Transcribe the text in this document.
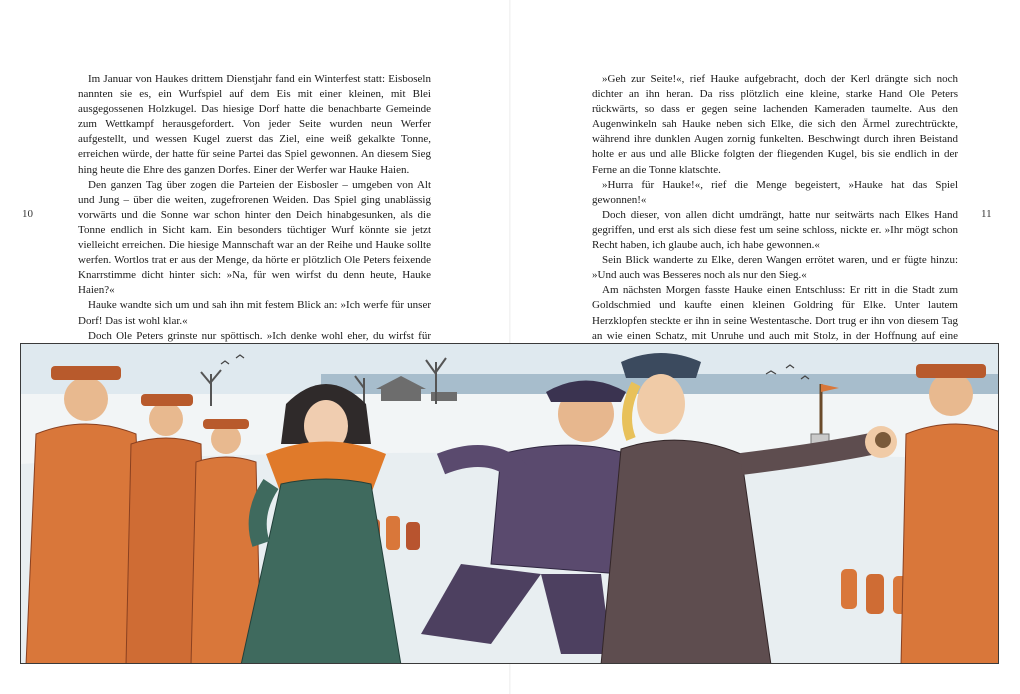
Im Januar von Haukes drittem Dienstjahr fand ein Winterfest statt: Eisboseln nannten sie es, ein Wurfspiel auf dem Eis mit einer kleinen, mit Blei ausgegossenen Holzkugel. Das hiesige Dorf hatte die benachbarte Gemeinde zum Wettkampf herausgefordert. Von jeder Seite wurden neun Werfer aufgestellt, und wessen Kugel zuerst das Ziel, eine weiß gekalkte Tonne, erreichen würde, der hatte für seine Partei das Spiel gewonnen. An diesem Sieg hing heute die Ehre des ganzen Dorfes. Einer der Werfer war Hauke Haien.

Den ganzen Tag über zogen die Parteien der Eisbosler – umgeben von Alt und Jung – über die weiten, zugefrorenen Weiden. Das Spiel ging unablässig vorwärts und die Sonne war schon hinter den Deich hinabgesunken, als die Tonne endlich in Sicht kam. Ein besonders tüchtiger Wurf könnte sie jetzt vielleicht erreichen. Die hiesige Mannschaft war an der Reihe und Hauke sollte werfen. Wortlos trat er aus der Menge, da hörte er plötzlich Ole Peters feixende Knarrstimme dicht hinter sich: »Na, für wen wirfst du denn heute, Hauke Haien?«

Hauke wandte sich um und sah ihn mit festem Blick an: »Ich werfe für unser Dorf! Das ist wohl klar.«

Doch Ole Peters grinste nur spöttisch. »Ich denke wohl eher, du wirfst für

»Geh zur Seite!«, rief Hauke aufgebracht, doch der Kerl drängte sich noch dichter an ihn heran. Da riss plötzlich eine kleine, starke Hand Ole Peters rückwärts, so dass er gegen seine lachenden Kameraden taumelte. Aus den Augenwinkeln sah Hauke neben sich Elke, die sich den Ärmel zurechtrückte, während ihre dunklen Augen zornig funkelten. Beschwingt durch ihren Beistand holte er aus und alle Blicke folgten der fliegenden Kugel, bis sie endlich in der Ferne an die Tonne klatschte.

»Hurra für Hauke!«, rief die Menge begeistert, »Hauke hat das Spiel gewonnen!«

Doch dieser, von allen dicht umdrängt, hatte nur seitwärts nach Elkes Hand gegriffen, und erst als sich diese fest um seine schloss, nickte er. »Ihr mögt schon Recht haben, ich glaube auch, ich habe gewonnen.«

Sein Blick wanderte zu Elke, deren Wangen errötet waren, und er fügte hinzu: »Und auch was Besseres noch als nur den Sieg.«

Am nächsten Morgen fasste Hauke einen Entschluss: Er ritt in die Stadt zum Goldschmied und kaufte einen kleinen Goldring für Elke. Unter lautem Herzklopfen steckte er ihn in seine Westentasche. Dort trug er ihn von diesem Tag an wie einen Schatz, mit Unruhe und auch mit Stolz, in der Hoffnung auf eine

10	11
